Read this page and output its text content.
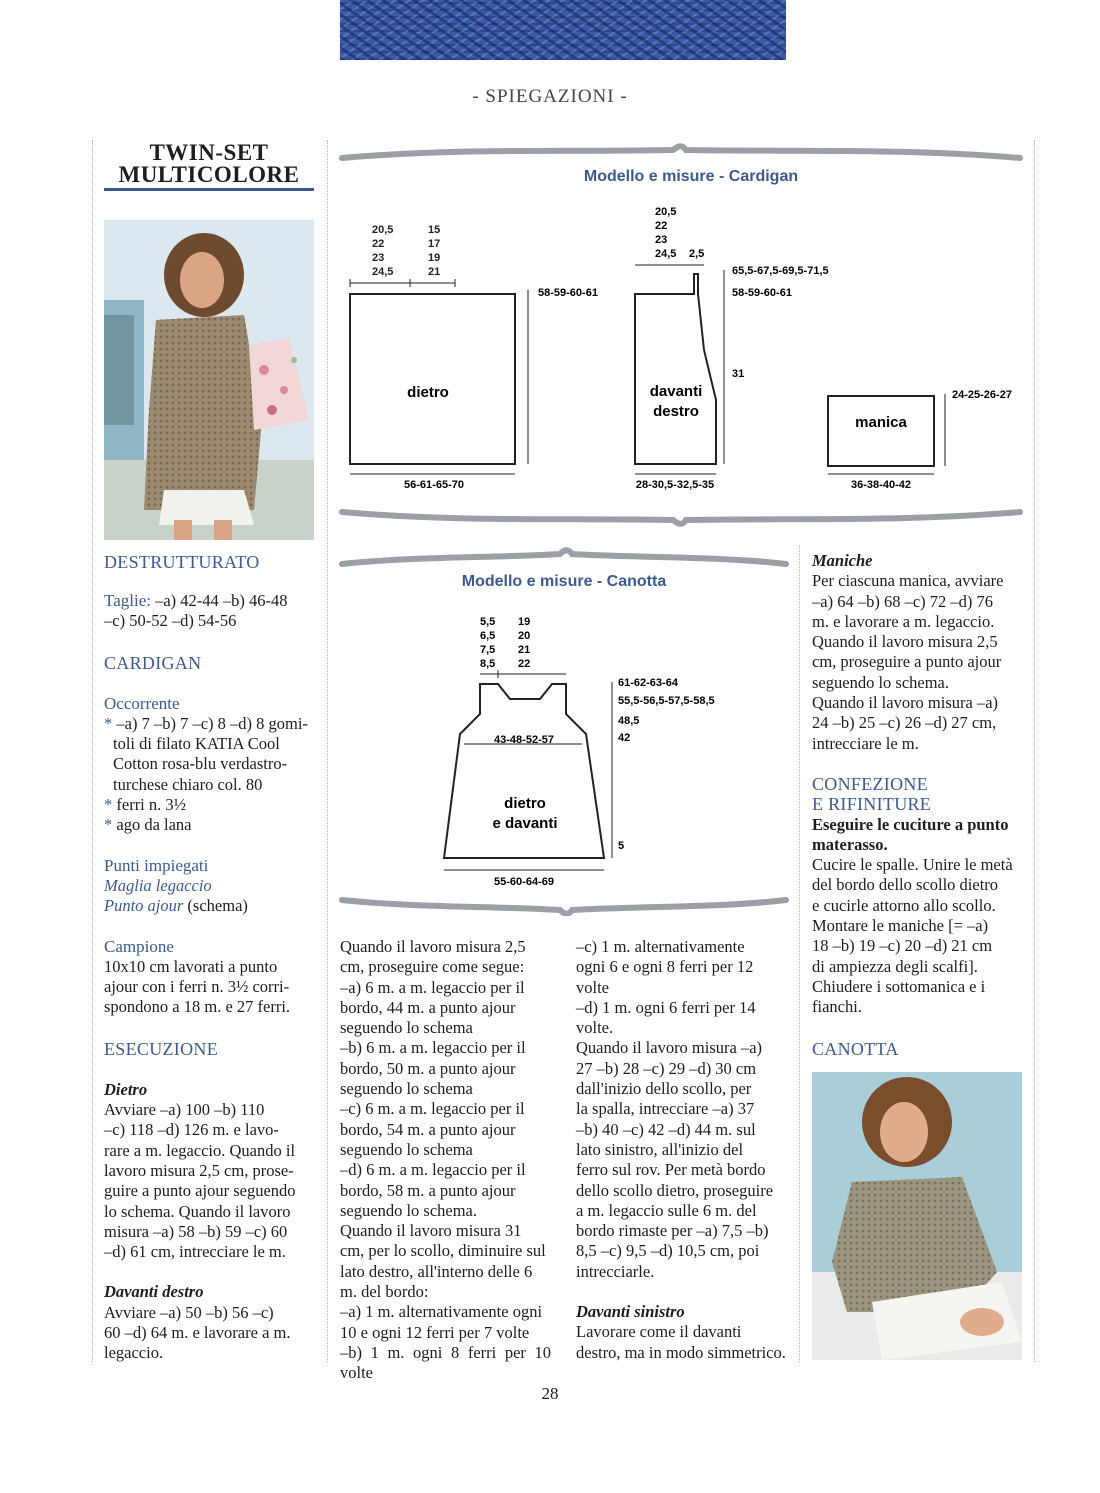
- SPIEGAZIONI -
TWIN-SET
MULTICOLORE
DESTRUTTURATO

Taglie: –a) 42-44 –b) 46-48

–c) 50-52 –d) 54-56

CARDIGAN
Occorrente
* –a) 7 –b) 7 –c) 8 –d) 8 gomi-
toli di filato KATIA Cool
Cotton rosa-blu verdastro-
turchese chiaro col. 80
* ferri n. 3½
* ago da lana
Punti impiegati
Maglia legaccio
Punto ajour (schema)
Campione

10x10 cm lavorati a punto

ajour con i ferri n. 3½ corri-

spondono a 18 m. e 27 ferri.

ESECUZIONE
Dietro

Avviare –a) 100 –b) 110

–c) 118 –d) 126 m. e lavo-

rare a m. legaccio. Quando il

lavoro misura 2,5 cm, prose-

guire a punto ajour seguendo

lo schema. Quando il lavoro

misura –a) 58 –b) 59 –c) 60

–d) 61 cm, intrecciare le m.

Davanti destro

Avviare –a) 50 –b) 56 –c)

60 –d) 64 m. e lavorare a m.

legaccio.

Modello e misure - Cardigan
dietro
20,5
22
23
24,5
15
17
19
21
58-59-60-61
56-61-65-70
davanti
destro
20,5
22
23
24,5 2,5
65,5-67,5-69,5-71,5
58-59-60-61
31
28-30,5-32,5-35
manica
24-25-26-27
36-38-40-42
Modello e misure - Canotta
5,5
6,5
7,5
8,5
19
20
21
22
43-48-52-57
dietro
e davanti
61-62-63-64
55,5-56,5-57,5-58,5
48,5
42
5
55-60-64-69

Quando il lavoro misura 2,5

cm, proseguire come segue:

–a) 6 m. a m. legaccio per il

bordo, 44 m. a punto ajour

seguendo lo schema

–b) 6 m. a m. legaccio per il

bordo, 50 m. a punto ajour

seguendo lo schema

–c) 6 m. a m. legaccio per il

bordo, 54 m. a punto ajour

seguendo lo schema

–d) 6 m. a m. legaccio per il

bordo, 58 m. a punto ajour

seguendo lo schema.

Quando il lavoro misura 31

cm, per lo scollo, diminuire sul

lato destro, all'interno delle 6

m. del bordo:

–a) 1 m. alternativamente ogni

10 e ogni 12 ferri per 7 volte

–b) 1 m. ogni 8 ferri per 10 volte

–c) 1 m. alternativamente

ogni 6 e ogni 8 ferri per 12

volte

–d) 1 m. ogni 6 ferri per 14

volte.

Quando il lavoro misura –a)

27 –b) 28 –c) 29 –d) 30 cm

dall'inizio dello scollo, per

la spalla, intrecciare –a) 37

–b) 40 –c) 42 –d) 44 m. sul

lato sinistro, all'inizio del

ferro sul rov. Per metà bordo

dello scollo dietro, proseguire

a m. legaccio sulle 6 m. del

bordo rimaste per –a) 7,5 –b)

8,5 –c) 9,5 –d) 10,5 cm, poi

intrecciarle.

Davanti sinistro

Lavorare come il davanti

destro, ma in modo simmetrico.

Maniche

Per ciascuna manica, avviare

–a) 64 –b) 68 –c) 72 –d) 76

m. e lavorare a m. legaccio.

Quando il lavoro misura 2,5

cm, proseguire a punto ajour

seguendo lo schema.

Quando il lavoro misura –a)

24 –b) 25 –c) 26 –d) 27 cm,

intrecciare le m.

CONFEZIONE
E RIFINITURE

Eseguire le cuciture a punto

materasso.

Cucire le spalle. Unire le metà

del bordo dello scollo dietro

e cucirle attorno allo scollo.

Montare le maniche [= –a)

18 –b) 19 –c) 20 –d) 21 cm

di ampiezza degli scalfi].

Chiudere i sottomanica e i

fianchi.

CANOTTA
28
